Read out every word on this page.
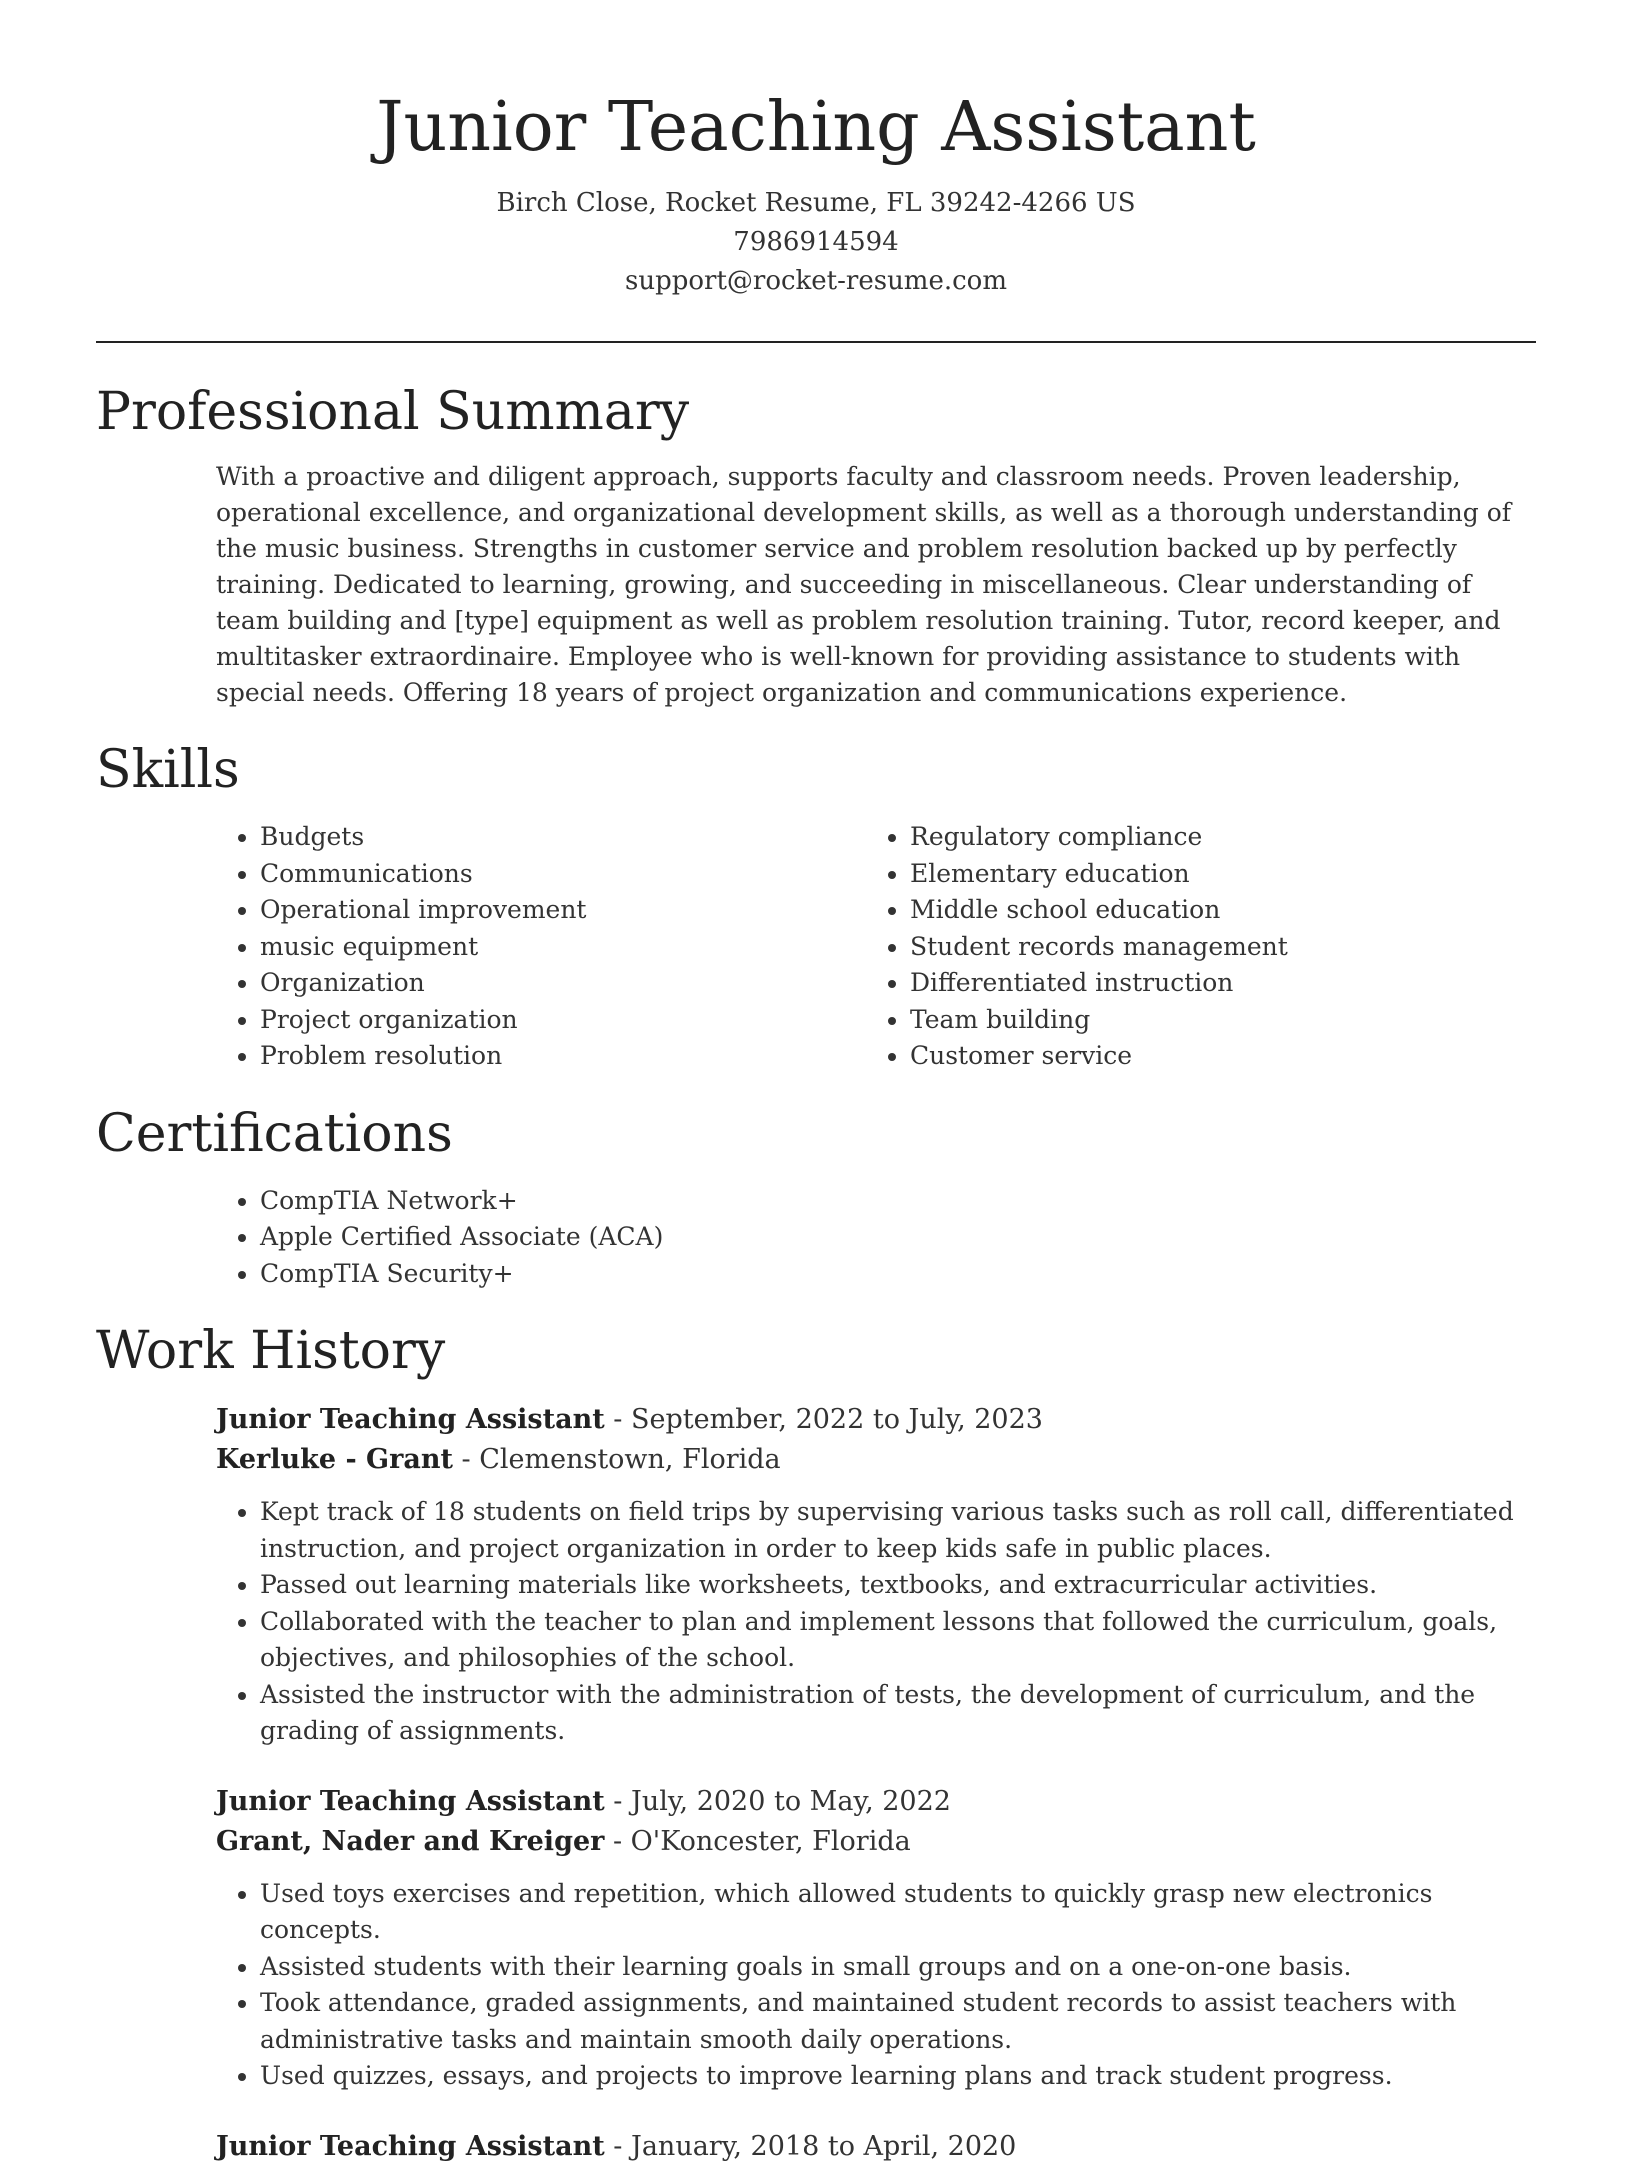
Junior Teaching Assistant
Birch Close, Rocket Resume, FL 39242-4266 US
7986914594
support@rocket-resume.com
Professional Summary

With a proactive and diligent approach, supports faculty and classroom needs. Proven leadership, operational excellence, and organizational development skills, as well as a thorough understanding of the music business. Strengths in customer service and problem resolution backed up by perfectly training. Dedicated to learning, growing, and succeeding in miscellaneous. Clear understanding of team building and [type] equipment as well as problem resolution training. Tutor, record keeper, and multitasker extraordinaire. Employee who is well-known for providing assistance to students with special needs. Offering 18 years of project organization and communications experience.

Skills
• Budgets
• Communications
• Operational improvement
• music equipment
• Organization
• Project organization
• Problem resolution
• Regulatory compliance
• Elementary education
• Middle school education
• Student records management
• Differentiated instruction
• Team building
• Customer service
Certifications
• CompTIA Network+
• Apple Certified Associate (ACA)
• CompTIA Security+
Work History
Junior Teaching Assistant - September, 2022 to July, 2023
Kerluke - Grant - Clemenstown, Florida
• Kept track of 18 students on field trips by supervising various tasks such as roll call, differentiated instruction, and project organization in order to keep kids safe in public places.
• Passed out learning materials like worksheets, textbooks, and extracurricular activities.
• Collaborated with the teacher to plan and implement lessons that followed the curriculum, goals, objectives, and philosophies of the school.
• Assisted the instructor with the administration of tests, the development of curriculum, and the grading of assignments.
Junior Teaching Assistant - July, 2020 to May, 2022
Grant, Nader and Kreiger - O'Koncester, Florida
• Used toys exercises and repetition, which allowed students to quickly grasp new electronics concepts.
• Assisted students with their learning goals in small groups and on a one-on-one basis.
• Took attendance, graded assignments, and maintained student records to assist teachers with administrative tasks and maintain smooth daily operations.
• Used quizzes, essays, and projects to improve learning plans and track student progress.
Junior Teaching Assistant - January, 2018 to April, 2020
